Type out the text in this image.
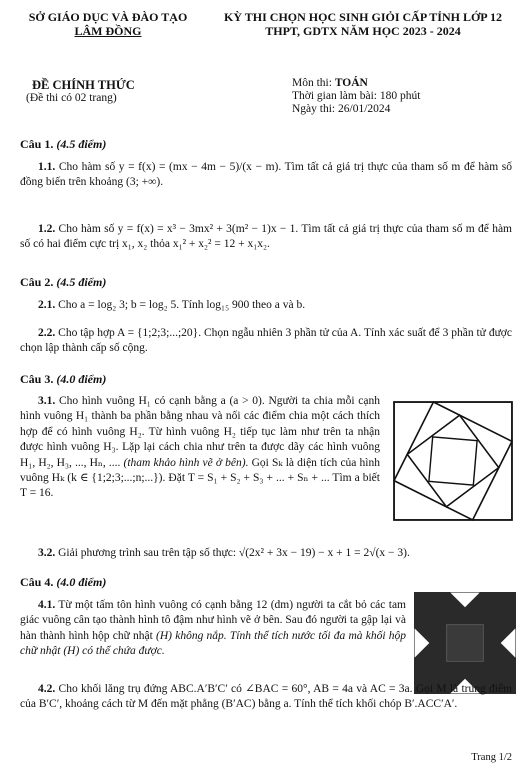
SỞ GIÁO DỤC VÀ ĐÀO TẠO
LÂM ĐỒNG
KỲ THI CHỌN HỌC SINH GIỎI CẤP TỈNH LỚP 12
THPT, GDTX NĂM HỌC 2023 - 2024
ĐỀ CHÍNH THỨC
(Đề thi có 02 trang)
Môn thi: TOÁN
Thời gian làm bài: 180 phút
Ngày thi: 26/01/2024
Câu 1. (4.5 điểm)
1.1. Cho hàm số y = f(x) = (mx − 4m − 5)/(x − m). Tìm tất cả giá trị thực của tham số m để hàm số đồng biến trên khoảng (3; +∞).
1.2. Cho hàm số y = f(x) = x³ − 3mx² + 3(m² − 1)x − 1. Tìm tất cả giá trị thực của tham số m để hàm số có hai điểm cực trị x₁, x₂ thỏa x₁² + x₂² = 12 + x₁x₂.
Câu 2. (4.5 điểm)
2.1. Cho a = log₂ 3; b = log₂ 5. Tính log₁₅ 900 theo a và b.
2.2. Cho tập hợp A = {1;2;3;...;20}. Chọn ngẫu nhiên 3 phần tử của A. Tính xác suất để 3 phần tử được chọn lập thành cấp số cộng.
Câu 3. (4.0 điểm)
3.1. Cho hình vuông H₁ có cạnh bằng a (a > 0). Người ta chia mỗi cạnh hình vuông H₁ thành ba phần bằng nhau và nối các điểm chia một cách thích hợp để có hình vuông H₂. Từ hình vuông H₂ tiếp tục làm như trên ta nhận được hình vuông H₃. Lặp lại cách chia như trên ta được dãy các hình vuông H₁, H₂, H₃, ..., Hₙ, .... (tham khảo hình vẽ ở bên). Gọi Sₖ là diện tích của hình vuông Hₖ (k ∈ {1;2;3;...;n;...}). Đặt T = S₁ + S₂ + S₃ + ... + Sₙ + ... Tìm a biết T = 16.
3.2. Giải phương trình sau trên tập số thực: √(2x² + 3x − 19) − x + 1 = 2√(x − 3).
Câu 4. (4.0 điểm)
4.1. Từ một tấm tôn hình vuông có cạnh bằng 12 (dm) người ta cắt bỏ các tam giác vuông cân tạo thành hình tô đậm như hình vẽ ở bên. Sau đó người ta gập lại và hàn thành hình hộp chữ nhật (H) không nắp. Tính thể tích nước tối đa mà khối hộp chữ nhật (H) có thể chứa được.
4.2. Cho khối lăng trụ đứng ABC.A′B′C′ có ∠BAC = 60°, AB = 4a và AC = 3a. Gọi M là trung điểm của B′C′, khoảng cách từ M đến mặt phẳng (B′AC) bằng a. Tính thể tích khối chóp B′.ACC′A′.
Trang 1/2
